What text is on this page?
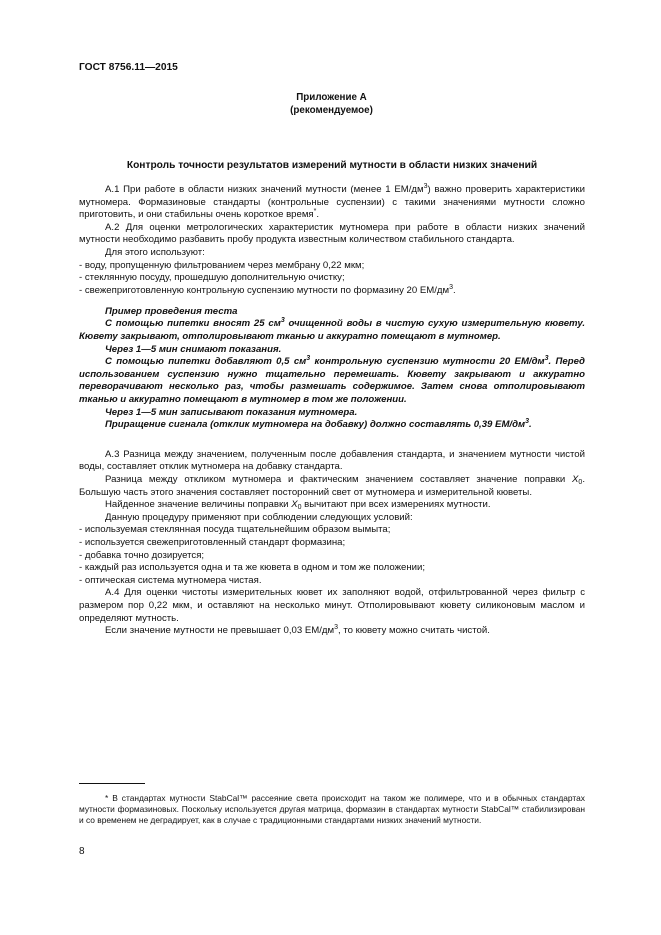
ГОСТ 8756.11—2015
Приложение А
(рекомендуемое)
Контроль точности результатов измерений мутности в области низких значений

А.1 При работе в области низких значений мутности (менее 1 $ЕМ/дм^3$) важно проверить характеристики мутномера. Формазиновые стандарты (контрольные суспензии) с такими значениями мутности сложно приготовить, и они стабильны очень короткое время*.

А.2 Для оценки метрологических характеристик мутномера при работе в области низких значений мутности необходимо разбавить пробу продукта известным количеством стабильного стандарта.

Для этого используют:

- воду, пропущенную фильтрованием через мембрану 0,22 мкм;

- стеклянную посуду, прошедшую дополнительную очистку;

- свежеприготовленную контрольную суспензию мутности по формазину 20 $ЕМ/дм^3$.

Пример проведения теста

С помощью пипетки вносят 25 $см^3$ очищенной воды в чистую сухую измерительную кювету. Кювету закрывают, отполировывают тканью и аккуратно помещают в мутномер.

Через 1—5 мин снимают показания.

С помощью пипетки добавляют 0,5 $см^3$ контрольную суспензию мутности 20 $ЕМ/дм^3$. Перед использованием суспензию нужно тщательно перемешать. Кювету закрывают и аккуратно переворачивают несколько раз, чтобы размешать содержимое. Затем снова отполировывают тканью и аккуратно помещают в мутномер в том же положении.

Через 1—5 мин записывают показания мутномера.

Приращение сигнала (отклик мутномера на добавку) должно составлять 0,39 $ЕМ/дм^3$.

А.3 Разница между значением, полученным после добавления стандарта, и значением мутности чистой воды, составляет отклик мутномера на добавку стандарта.

Разница между откликом мутномера и фактическим значением составляет значение поправки $X_0$. Большую часть этого значения составляет посторонний свет от мутномера и измерительной кюветы.

Найденное значение величины поправки $X_0$ вычитают при всех измерениях мутности.

Данную процедуру применяют при соблюдении следующих условий:

- используемая стеклянная посуда тщательнейшим образом вымыта;

- используется свежеприготовленный стандарт формазина;

- добавка точно дозируется;

- каждый раз используется одна и та же кювета в одном и том же положении;

- оптическая система мутномера чистая.

А.4 Для оценки чистоты измерительных кювет их заполняют водой, отфильтрованной через фильтр с размером пор 0,22 мкм, и оставляют на несколько минут. Отполировывают кювету силиконовым маслом и определяют мутность.

Если значение мутности не превышает 0,03 $ЕМ/дм^3$, то кювету можно считать чистой.

* В стандартах мутности StabCal™ рассеяние света происходит на таком же полимере, что и в обычных стандартах мутности формазиновых. Поскольку используется другая матрица, формазин в стандартах мутности StabCal™ стабилизирован и со временем не деградирует, как в случае с традиционными стандартами низких значений мутности.
8
